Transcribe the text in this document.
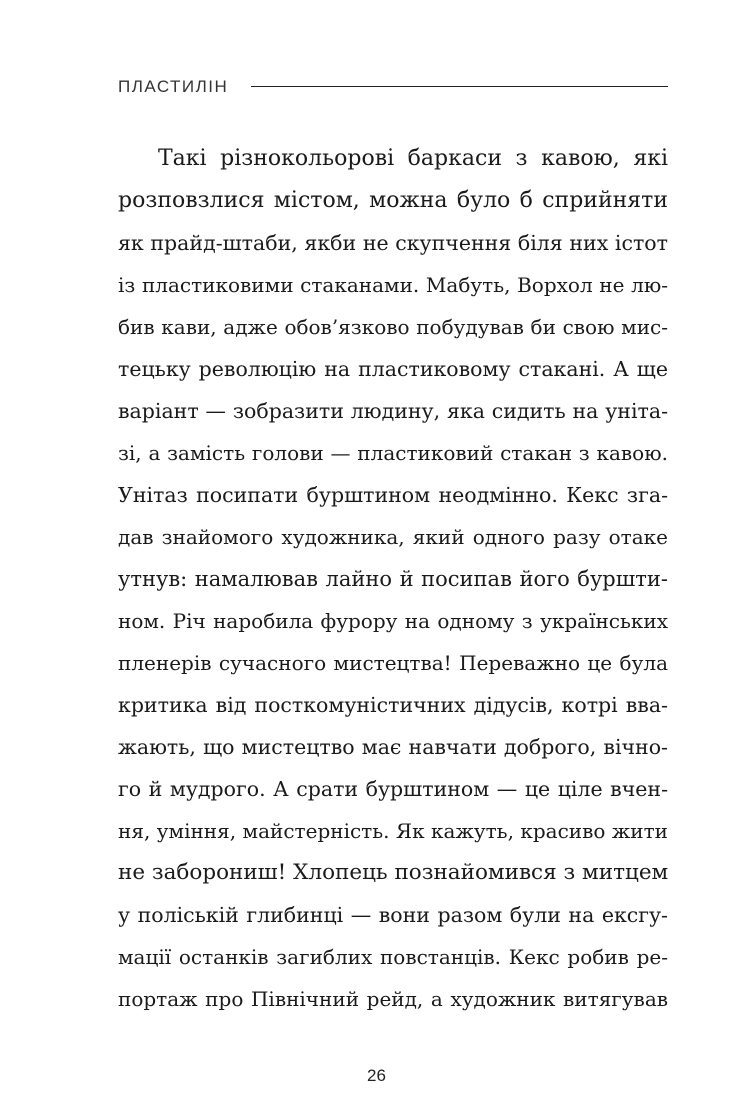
ПЛАСТИЛІН
Такі різнокольорові баркаси з кавою, які
розповзлися містом, можна було б сприйняти
як прайд-штаби, якби не скупчення біля них істот
із пластиковими стаканами. Мабуть, Ворхол не лю-
бив кави, адже обов’язково побудував би свою мис-
тецьку революцію на пластиковому стакані. А ще
варіант — зобразити людину, яка сидить на уніта-
зі, а замість голови — пластиковий стакан з кавою.
Унітаз посипати бурштином неодмінно. Кекс зга-
дав знайомого художника, який одного разу отаке
утнув: намалював лайно й посипав його буршти-
ном. Річ наробила фурору на одному з українських
пленерів сучасного мистецтва! Переважно це була
критика від посткомуністичних дідусів, котрі вва-
жають, що мистецтво має навчати доброго, вічно-
го й мудрого. А срати бурштином — це ціле вчен-
ня, уміння, майстерність. Як кажуть, красиво жити
не заборониш! Хлопець познайомився з митцем
у поліській глибинці — вони разом були на ексгу-
мації останків загиблих повстанців. Кекс робив ре-
портаж про Північний рейд, а художник витягував
26
